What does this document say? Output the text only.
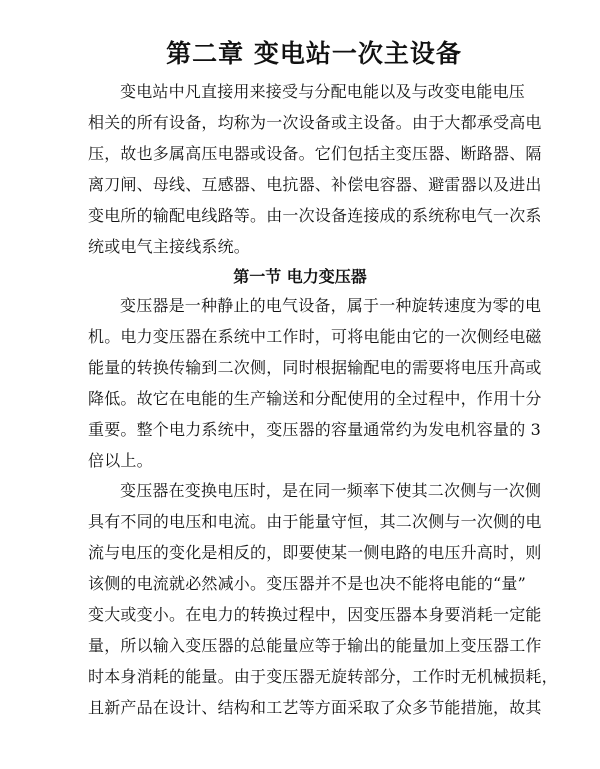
第二章 变电站一次主设备
变电站中凡直接用来接受与分配电能以及与改变电能电压
相关的所有设备，均称为一次设备或主设备。由于大都承受高电
压，故也多属高压电器或设备。它们包括主变压器、断路器、隔
离刀闸、母线、互感器、电抗器、补偿电容器、避雷器以及进出
变电所的输配电线路等。由一次设备连接成的系统称电气一次系
统或电气主接线系统。
第一节 电力变压器
变压器是一种静止的电气设备，属于一种旋转速度为零的电
机。电力变压器在系统中工作时，可将电能由它的一次侧经电磁
能量的转换传输到二次侧，同时根据输配电的需要将电压升高或
降低。故它在电能的生产输送和分配使用的全过程中，作用十分
重要。整个电力系统中，变压器的容量通常约为发电机容量的 3
倍以上。
变压器在变换电压时，是在同一频率下使其二次侧与一次侧
具有不同的电压和电流。由于能量守恒，其二次侧与一次侧的电
流与电压的变化是相反的，即要使某一侧电路的电压升高时，则
该侧的电流就必然减小。变压器并不是也决不能将电能的“量”
变大或变小。在电力的转换过程中，因变压器本身要消耗一定能
量，所以输入变压器的总能量应等于输出的能量加上变压器工作
时本身消耗的能量。由于变压器无旋转部分，工作时无机械损耗，
且新产品在设计、结构和工艺等方面采取了众多节能措施，故其
